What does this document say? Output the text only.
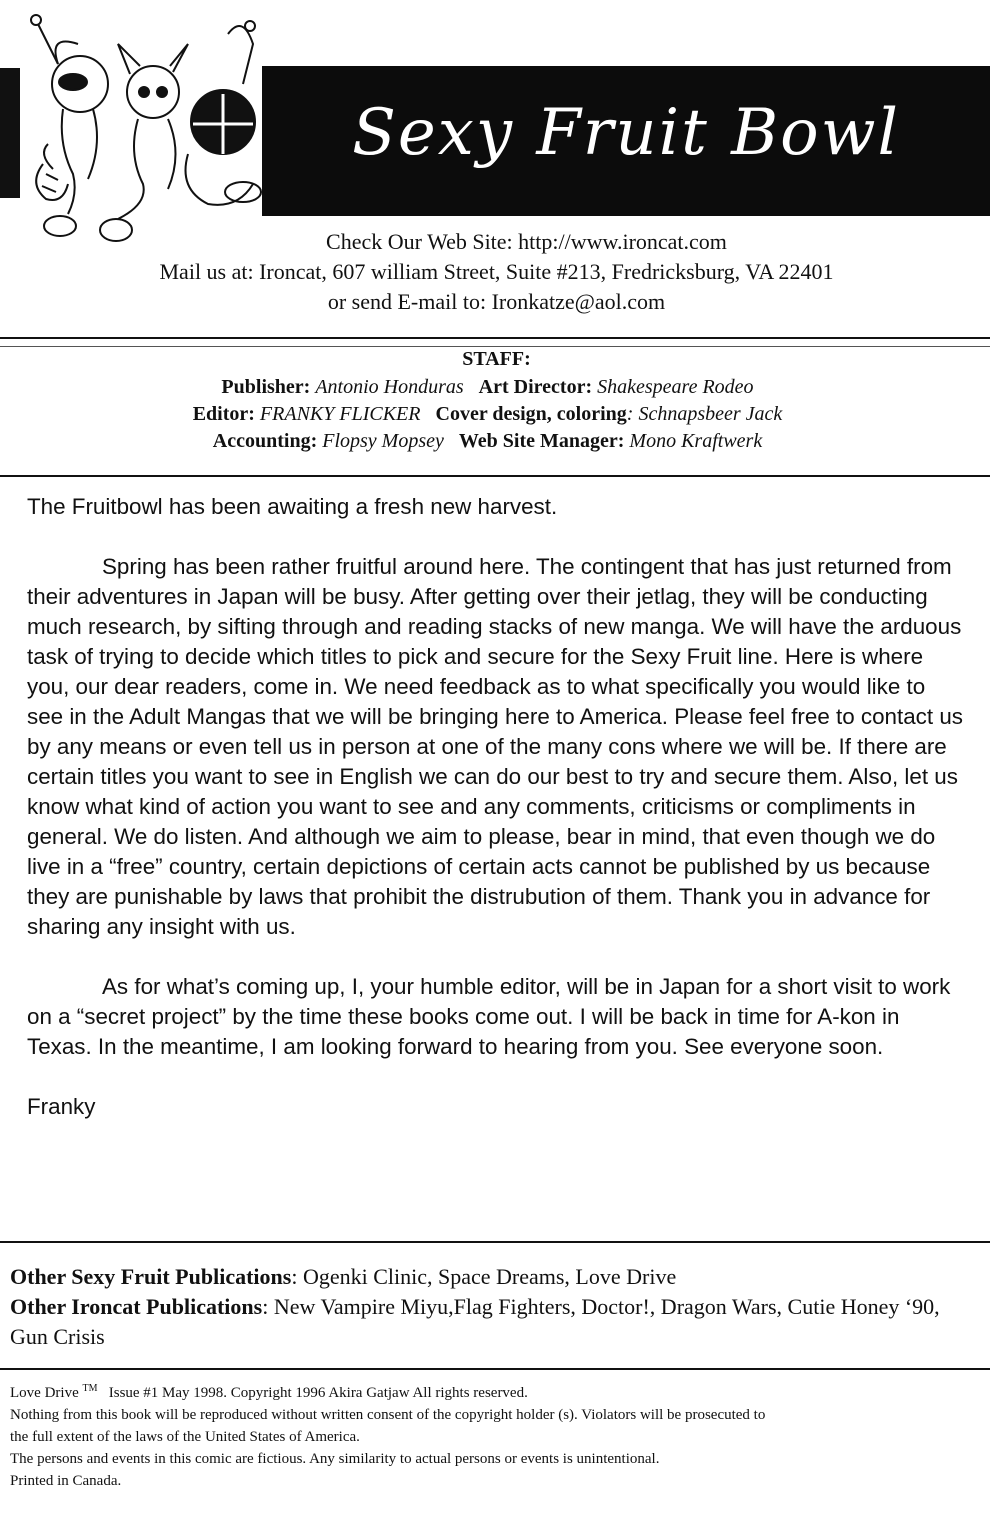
Sexy Fruit Bowl
Check Our Web Site: http://www.ironcat.com
Mail us at: Ironcat, 607 william Street, Suite #213, Fredricksburg, VA 22401
or send E-mail to: Ironkatze@aol.com
STAFF:
Publisher: Antonio Honduras Art Director: Shakespeare Rodeo
Editor: FRANKY FLICKER Cover design, coloring: Schnapsbeer Jack
Accounting: Flopsy Mopsey Web Site Manager: Mono Kraftwerk

The Fruitbowl has been awaiting a fresh new harvest.

Spring has been rather fruitful around here. The contingent that has just returned from their adventures in Japan will be busy. After getting over their jetlag, they will be conducting much research, by sifting through and reading stacks of new manga. We will have the arduous task of trying to decide which titles to pick and secure for the Sexy Fruit line. Here is where you, our dear readers, come in. We need feedback as to what specifically you would like to see in the Adult Mangas that we will be bringing here to America. Please feel free to contact us by any means or even tell us in person at one of the many cons where we will be. If there are certain titles you want to see in English we can do our best to try and secure them. Also, let us know what kind of action you want to see and any comments, criticisms or compliments in general. We do listen. And although we aim to please, bear in mind, that even though we do live in a “free” country, certain depictions of certain acts cannot be published by us because they are punishable by laws that prohibit the distrubution of them. Thank you in advance for sharing any insight with us.

As for what’s coming up, I, your humble editor, will be in Japan for a short visit to work on a “secret project” by the time these books come out. I will be back in time for A-kon in Texas. In the meantime, I am looking forward to hearing from you. See everyone soon.

Franky

Other Sexy Fruit Publications: Ogenki Clinic, Space Dreams, Love Drive
Other Ironcat Publications: New Vampire Miyu,Flag Fighters, Doctor!, Dragon Wars, Cutie Honey ‘90, Gun Crisis
Love Drive ™ Issue #1 May 1998. Copyright 1996 Akira Gatjaw All rights reserved.
Nothing from this book will be reproduced without written consent of the copyright holder (s). Violators will be prosecuted to
the full extent of the laws of the United States of America.
The persons and events in this comic are fictious. Any similarity to actual persons or events is unintentional.
Printed in Canada.
